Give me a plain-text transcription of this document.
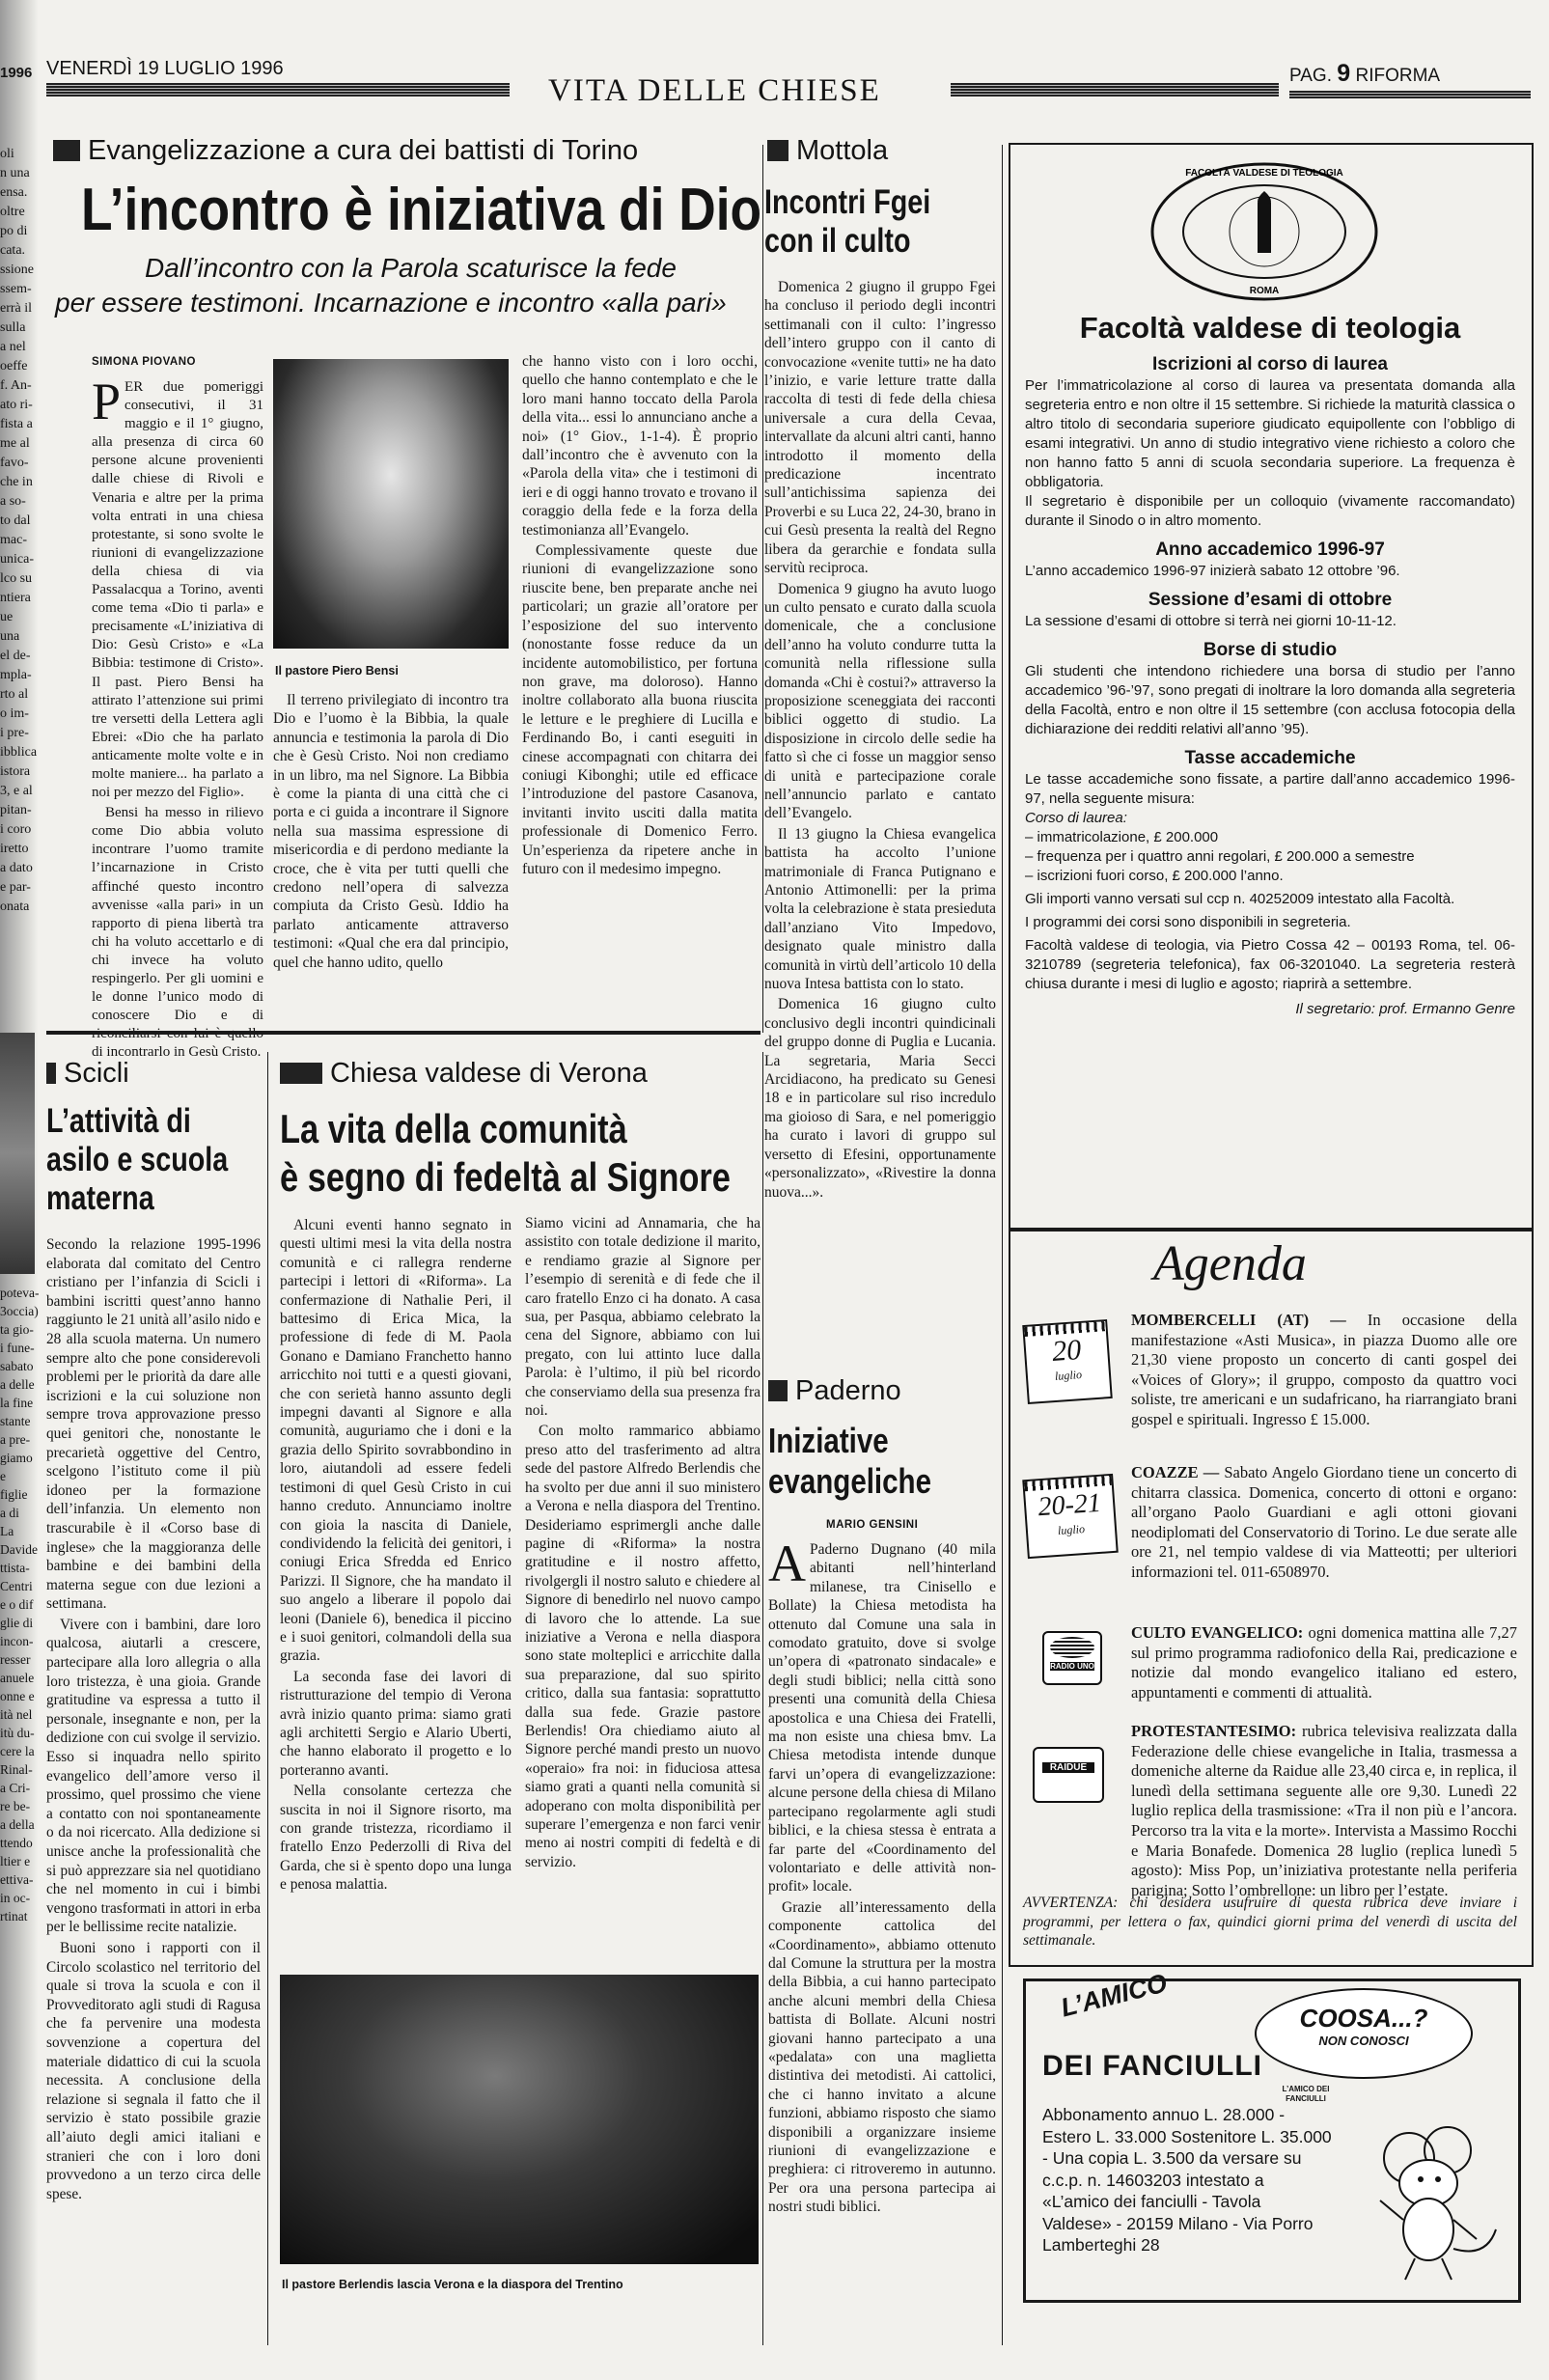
1996
oli
n una
ensa.
oltre
po di
cata.
ssione
ssem-
errà il
sulla
a nel
oeffe
f. An-
ato ri-
fista a
me al
favo-
che in
a so-
to dal
mac-
unica-
lco su
ntiera
ue una
el de-
mpla-
rto al
o im-
i pre-
ibblica
istora
3, e al
pitan-
i coro
iretto
a dato
e par-
onata
poteva-
3occia)
ta gio-
i fune-
sabato
a delle
la fine
stante
a pre-
giamo
e figlie
a di La
Davide
ttista-
Centri
e o dif
glie di
incon-
resser
anuele
onne e
ità nel
itù du-
cere la
Rinal-
a Cri-
re be-
a della
ttendo
ltier e
ettiva-
in oc-
rtinat
VENERDÌ 19 LUGLIO 1996
VITA DELLE CHIESE	PAG. 9 RIFORMA
Evangelizzazione a cura dei battisti di Torino
L’incontro è iniziativa di Dio
Dall’incontro con la Parola scaturisce la fede
per essere testimoni. Incarnazione e incontro «alla pari»
SIMONA PIOVANO

PER due pomeriggi consecutivi, il 31 maggio e il 1° giugno, alla presenza di circa 60 persone alcune provenienti dalle chiese di Rivoli e Venaria e altre per la prima volta entrati in una chiesa protestante, si sono svolte le riunioni di evangelizzazione della chiesa di via Passalacqua a Torino, aventi come tema «Dio ti parla» e precisamente «L’iniziativa di Dio: Gesù Cristo» e «La Bibbia: testimone di Cristo». Il past. Piero Bensi ha attirato l’attenzione sui primi tre versetti della Lettera agli Ebrei: «Dio che ha parlato anticamente molte volte e in molte maniere... ha parlato a noi per mezzo del Figlio».

Bensi ha messo in rilievo come Dio abbia voluto incontrare l’uomo tramite l’incarnazione in Cristo affinché questo incontro avvenisse «alla pari» in un rapporto di piena libertà tra chi ha voluto accettarlo e di chi invece ha voluto respingerlo. Per gli uomini e le donne l’unico modo di conoscere Dio e di di incontrarlo in Gesù Cristo.

Il pastore Piero Bensi

Il terreno privilegiato di incontro tra Dio e l’uomo è la Bibbia, la quale annuncia e testimonia la parola di Dio che è Gesù Cristo. Noi non crediamo in un libro, ma nel Signore. La Bibbia è come la pianta di una città che ci porta e ci guida a incontrare il Signore nella sua massima espressione di misericordia e di perdono mediante la croce, che è vita per tutti quelli che credono nell’opera di salvezza compiuta da Cristo Gesù. Iddio ha parlato anticamente attraverso testimoni: «Qual che era dal principio, quel che hanno udito, quello

che hanno visto con i loro occhi, quello che hanno contemplato e che le loro mani hanno toccato della Parola della vita... essi lo annunciano anche a noi» (1° Giov., 1-1-4). È proprio dall’incontro che è avvenuto con la «Parola della vita» che i testimoni di ieri e di oggi hanno trovato e trovano il coraggio della fede e la forza della testimonianza all’Evangelo.

Complessivamente queste due riunioni di evangelizzazione sono riuscite bene, ben preparate anche nei particolari; un grazie all’oratore per l’esposizione del suo intervento (nonostante fosse reduce da un incidente automobilistico, per fortuna non grave, ma doloroso). Hanno inoltre collaborato alla buona riuscita le letture e le preghiere di Lucilla e Ferdinando Bo, i canti eseguiti in cinese accompagnati con chitarra dei coniugi Kibonghi; utile ed efficace l’introduzione del pastore Casanova, invitanti invito usciti dalla matita professionale di Domenico Ferro. Un’esperienza da ripetere anche in futuro con il medesimo impegno.

Mottola
Incontri Fgei
con il culto

Domenica 2 giugno il gruppo Fgei ha concluso il periodo degli incontri settimanali con il culto: l’ingresso dell’intero gruppo con il canto di convocazione «venite tutti» ne ha dato l’inizio, e varie letture tratte dalla raccolta di testi di fede della chiesa universale a cura della Cevaa, intervallate da alcuni altri canti, hanno introdotto il momento della predicazione incentrato sull’antichissima sapienza dei Proverbi e su Luca 22, 24-30, brano in cui Gesù presenta la realtà del Regno libera da gerarchie e fondata sulla servitù reciproca.

Domenica 9 giugno ha avuto luogo un culto pensato e curato dalla scuola domenicale, che a conclusione dell’anno ha voluto condurre tutta la comunità nella riflessione sulla domanda «Chi è costui?» attraverso la proposizione sceneggiata dei racconti biblici oggetto di studio. La disposizione in circolo delle sedie ha fatto sì che ci fosse un maggior senso di unità e partecipazione corale nell’annuncio parlato e cantato dell’Evangelo.

Il 13 giugno la Chiesa evangelica battista ha accolto l’unione matrimoniale di Franca Putignano e Antonio Attimonelli: per la prima volta la celebrazione è stata presieduta dall’anziano Vito Impedovo, designato quale ministro dalla comunità in virtù dell’articolo 10 della nuova Intesa battista con lo stato.

Domenica 16 giugno culto conclusivo degli incontri quindicinali del gruppo donne di Puglia e Lucania. La segretaria, Maria Secci Arcidiacono, ha predicato su Genesi 18 e in particolare sul riso incredulo ma gioioso di Sara, e nel pomeriggio ha curato i lavori di gruppo sul versetto di Efesini, opportunamente «personalizzato», «Rivestire la donna nuova...».

FACOLTÀ VALDESE DI TEOLOGIA
ROMA
Facoltà valdese di teologia
Iscrizioni al corso di laurea
Per l’immatricolazione al corso di laurea va presentata domanda alla segreteria entro e non oltre il 15 settembre. Si richiede la maturità classica o altro titolo di secondaria superiore giudicato equipollente con l’obbligo di esami integrativi. Un anno di studio integrativo viene richiesto a coloro che non hanno fatto 5 anni di scuola secondaria superiore. La frequenza è obbligatoria.
Il segretario è disponibile per un colloquio (vivamente raccomandato) durante il Sinodo o in altro momento.
Anno accademico 1996-97
L’anno accademico 1996-97 inizierà sabato 12 ottobre ’96.
Sessione d’esami di ottobre
La sessione d’esami di ottobre si terrà nei giorni 10-11-12.
Borse di studio
Gli studenti che intendono richiedere una borsa di studio per l’anno accademico ’96-’97, sono pregati di inoltrare la loro domanda alla segreteria della Facoltà, entro e non oltre il 15 settembre (con acclusa fotocopia della dichiarazione dei redditi relativi all’anno ’95).
Tasse accademiche
Le tasse accademiche sono fissate, a partire dall’anno accademico 1996-97, nella seguente misura:
Corso di laurea:
– immatricolazione, £ 200.000
– frequenza per i quattro anni regolari, £ 200.000 a semestre
– iscrizioni fuori corso, £ 200.000 l’anno.
Gli importi vanno versati sul ccp n. 40252009 intestato alla Facoltà.
I programmi dei corsi sono disponibili in segreteria.
Facoltà valdese di teologia, via Pietro Cossa 42 – 00193 Roma, tel. 06-3210789 (segreteria telefonica), fax 06-3201040. La segreteria resterà chiusa durante i mesi di luglio e agosto; riaprirà a settembre.
Il segretario: prof. Ermanno Genre
Scicli
L’attività di
asilo e scuola
materna

Secondo la relazione 1995-1996 elaborata dal comitato del Centro cristiano per l’infanzia di Scicli i bambini iscritti quest’anno hanno raggiunto le 21 unità all’asilo nido e 28 alla scuola materna. Un numero sempre alto che pone considerevoli problemi per le priorità da dare alle iscrizioni e la cui soluzione non sempre trova approvazione presso quei genitori che, nonostante le precarietà oggettive del Centro, scelgono l’istituto come il più idoneo per la formazione dell’infanzia. Un elemento non trascurabile è il «Corso base di inglese» che la maggioranza delle bambine e dei bambini della materna segue con due lezioni a settimana.

Vivere con i bambini, dare loro qualcosa, aiutarli a crescere, partecipare alla loro allegria o alla loro tristezza, è una gioia. Grande gratitudine va espressa a tutto il personale, insegnante e non, per la dedizione con cui svolge il servizio. Esso si inquadra nello spirito evangelico dell’amore verso il prossimo, quel prossimo che viene a contatto con noi spontaneamente o da noi ricercato. Alla dedizione si unisce anche la professionalità che si può apprezzare sia nel quotidiano che nel momento in cui i bimbi vengono trasformati in attori in erba per le bellissime recite natalizie.

Buoni sono i rapporti con il Circolo scolastico nel territorio del quale si trova la scuola e con il Provveditorato agli studi di Ragusa che fa pervenire una modesta sovvenzione a copertura del materiale didattico di cui la scuola necessita. A conclusione della relazione si segnala il fatto che il servizio è stato possibile grazie all’aiuto degli amici italiani e stranieri che con i loro doni provvedono a un terzo circa delle spese.

Chiesa valdese di Verona
La vita della comunità
è segno di fedeltà al Signore

Alcuni eventi hanno segnato in questi ultimi mesi la vita della nostra comunità e ci rallegra renderne partecipi i lettori di «Riforma». La confermazione di Nathalie Peri, il battesimo di Erica Mica, la professione di fede di M. Paola Gonano e Damiano Franchetto hanno arricchito noi tutti e a questi giovani, che con serietà hanno assunto degli impegni davanti al Signore e alla comunità, auguriamo che i doni e la grazia dello Spirito sovrabbondino in loro, aiutandoli ad essere fedeli testimoni di quel Gesù Cristo in cui hanno creduto. Annunciamo inoltre con gioia la nascita di Daniele, condividendo la felicità dei genitori, i coniugi Erica Sfredda ed Enrico Parizzi. Il Signore, che ha mandato il suo angelo a liberare il popolo dai leoni (Daniele 6), benedica il piccino e i suoi genitori, colmandoli della sua grazia.

La seconda fase dei lavori di ristrutturazione del tempio di Verona avrà inizio quanto prima: siamo grati agli architetti Sergio e Alario Uberti, che hanno elaborato il progetto e lo porteranno avanti.

Nella consolante certezza che suscita in noi il Signore risorto, ma con grande tristezza, ricordiamo il fratello Enzo Pederzolli di Riva del Garda, che si è spento dopo una lunga e penosa malattia.

Siamo vicini ad Annamaria, che ha assistito con totale dedizione il marito, e rendiamo grazie al Signore per l’esempio di serenità e di fede che il caro fratello Enzo ci ha donato. A casa sua, per Pasqua, abbiamo celebrato la cena del Signore, abbiamo con lui pregato, con lui attinto luce dalla Parola: è l’ultimo, il più bel ricordo che conserviamo della sua presenza fra noi.

Con molto rammarico abbiamo preso atto del trasferimento ad altra sede del pastore Alfredo Berlendis che ha svolto per due anni il suo ministero a Verona e nella diaspora del Trentino. Desideriamo esprimergli anche dalle pagine di «Riforma» la nostra gratitudine e il nostro affetto, rivolgergli il nostro saluto e chiedere al Signore di benedirlo nel nuovo campo di lavoro che lo attende. La sue iniziative a Verona e nella diaspora sono state molteplici e arricchite dalla sua preparazione, dal suo spirito critico, dalla sua fantasia: soprattutto dalla sua fede. Grazie pastore Berlendis! Ora chiediamo aiuto al Signore perché mandi presto un nuovo «operaio» fra noi: in fiduciosa attesa siamo grati a quanti nella comunità si adoperano con molta disponibilità per superare l’emergenza e non farci venir meno ai nostri compiti di fedeltà e di servizio.

Il pastore Berlendis lascia Verona e la diaspora del Trentino
Paderno
Iniziative
evangeliche
MARIO GENSINI

A Paderno Dugnano (40 mila abitanti nell’hinterland milanese, tra Cinisello e Bollate) la Chiesa metodista ha ottenuto dal Comune una sala in comodato gratuito, dove si svolge un’opera di «patronato sindacale» e degli studi biblici; nella città sono presenti una comunità della Chiesa apostolica e una Chiesa dei Fratelli, ma non esiste una chiesa bmv. La Chiesa metodista intende dunque farvi un’opera di evangelizzazione: alcune persone della chiesa di Milano partecipano regolarmente agli studi biblici, e la chiesa stessa è entrata a far parte del «Coordinamento del volontariato e delle attività non-profit» locale.

Grazie all’interessamento della componente cattolica del «Coordinamento», abbiamo ottenuto dal Comune la struttura per la mostra della Bibbia, a cui hanno partecipato anche alcuni membri della Chiesa battista di Bollate. Alcuni nostri giovani hanno partecipato a una «pedalata» con una maglietta distintiva dei metodisti. Ai cattolici, che ci hanno invitato a alcune funzioni, abbiamo risposto che siamo disponibili a organizzare insieme riunioni di evangelizzazione e preghiera: ci ritroveremo in autunno. Per ora una persona partecipa ai nostri studi biblici.

Agenda
20
luglio

MOMBERCELLI (AT) — In occasione della manifestazione «Asti Musica», in piazza Duomo alle ore 21,30 viene proposto un concerto di canti gospel dei «Voices of Glory»; il gruppo, composto da quattro voci soliste, tre americani e un sudafricano, ha riarrangiato brani gospel e spirituali. Ingresso £ 15.000.

20-21
luglio

COAZZE — Sabato Angelo Giordano tiene un concerto di chitarra classica. Domenica, concerto di ottoni e organo: all’organo Paolo Guardiani e agli ottoni giovani neodiplomati del Conservatorio di Torino. Le due serate alle ore 21, nel tempio valdese di via Matteotti; per ulteriori informazioni tel. 011-6508970.

RADIO UNO

CULTO EVANGELICO: ogni domenica mattina alle 7,27 sul primo programma radiofonico della Rai, predicazione e notizie dal mondo evangelico italiano ed estero, appuntamenti e commenti di attualità.

RAIDUE

PROTESTANTESIMO: rubrica televisiva realizzata dalla Federazione delle chiese evangeliche in Italia, trasmessa a domeniche alterne da Raidue alle 23,40 circa e, in replica, il lunedì della settimana seguente alle ore 9,30. Lunedì 22 luglio replica della trasmissione: «Tra il non più e l’ancora. Percorso tra la vita e la morte». Intervista a Massimo Rocchi e Maria Bonafede. Domenica 28 luglio (replica lunedì 5 agosto): Miss Pop, un’iniziativa protestante nella periferia parigina; Sotto l’ombrellone: un libro per l’estate.

AVVERTENZA: chi desidera usufruire di questa rubrica deve inviare i programmi, per lettera o fax, quindici giorni prima del venerdì di uscita del settimanale.
L’AMICO
DEI FANCIULLI
COOSA...?
NON CONOSCI
L’AMICO DEI FANCIULLI
Abbonamento annuo L. 28.000 - Estero L. 33.000 Sostenitore L. 35.000 - Una copia L. 3.500 da versare su c.c.p. n. 14603203 intestato a «L’amico dei fanciulli - Tavola Valdese» - 20159 Milano - Via Porro Lamberteghi 28
